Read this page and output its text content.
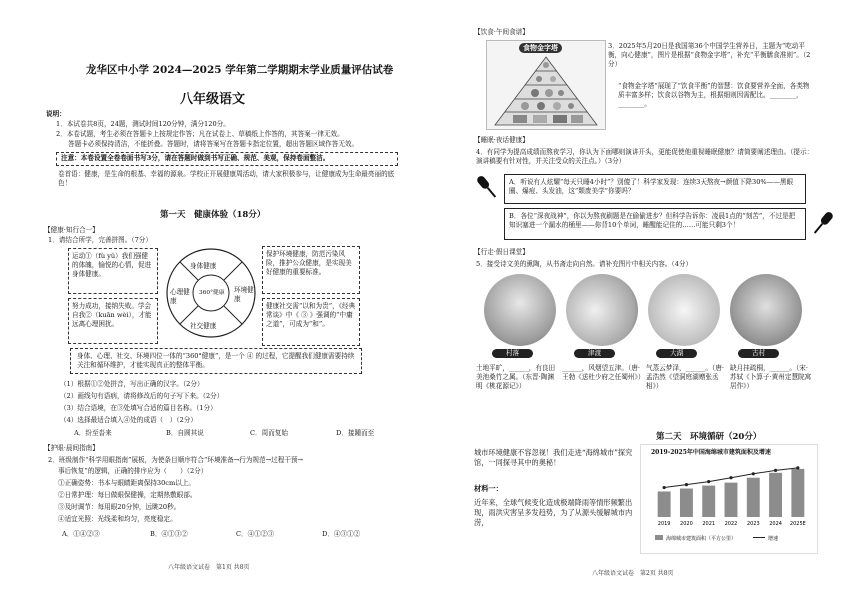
龙华区中小学 2024—2025 学年第二学期期末学业质量评估试卷
八年级语文
说明：
1．本试卷共8页，24题，测试时间120分钟，满分120分。
2．本卷试题，考生必须在答题卡上按规定作答；凡在试卷上、草稿纸上作答的，其答案一律无效。
答题卡必须保持清洁，不能折叠。答题时，请将答案写在答题卡指定位置，超出答题区域作答无效。
注意：本卷设置全卷卷面书写3分，请在答题时做到书写正确、规范、美观，保持卷面整洁。
卷首语：健康，是生命的根基、幸福的源泉。学校正开展健康周活动，请大家积极参与，让健康成为生命最亮丽的底色！
第一天　健康体验（18分）
【健康·知行合一】
1．请结合所学，完善拼图。（7分）
运动①（fù yǔ）我们强健的体魄，愉悦的心情，促进身体健康。
保护环境健康，防范污染风险，推护公众健康，是实现美好健康的重要标准。
努力成功，接纳失败。学会自我②（kuān wèi），才能远离心理困扰。
健康社交需“以和为贵”，《经典常谈》中《 ③ 》强调的“中庸之道”，可成为“和”。
身体健康
心理健康
环境健康
360°健康
社交健康
身体、心理、社交、环境四位一体的“360°健康”，是一个 ④ 的过程，它提醒我们健康需要持续关注和循环维护，才能实现真正的整体平衡。
（1）根据①②处拼音，写出正确的汉字。（2分）
（2）画线句有语病，请将修改后的句子写下来。（2分）
（3）结合语境，在③处填写合适的篇目名称。（1分）
（4）选择最适合填入④处的成语（　）（2分）
A．纷至沓来	B．自圆其说	C．周而复始	D．接踵而至
【护眼·晨间指南】
2．班级制作“科学用眼指南”展板，为使条目顺序符合“环境准备→行为规范→过程干预→
事后恢复”的逻辑，正确的排序应为（　　）（2分）
①正确姿势：书本与眼睛距离保持30cm以上。
②日常护理：每日做眼保健操，定期热敷眼部。
③及时调节：每用眼20分钟，远眺20秒。
④适宜光照：光线柔和均匀，亮度稳定。
A．①④②③	B．④①③②	C．④①②③	D．④③①②
八年级语文试卷　第1页 共8页
【饮食·午间食谱】
食物金字塔	3．2025年5月20日是我国第36个中国学生营养日，主题为“吃动平衡，向心健康”，图片是根据“食物金字塔”，补充“平衡膳食准则”。（2分）
“食物金字塔”展现了“饮食平衡”的智慧：饮食要营养全面，各类物质丰富多样；饮食以谷物为主，根据细则因需配比。________，________。
【睡眠·夜话健康】
4．有同学为提高成绩而熬夜学习，你认为下面哪则演讲开头，更能促使他重视睡眠健康？请简要阐述理由。（提示：演讲稿要有针对性，并关注受众的关注点。）（3分）
A．听说有人炫耀“每天只睡4小时”？别傻了！科学家发现：连续3天熬夜→颜值下降30%——黑眼圈、爆痘、头发油，这“颓废美学”你要吗？
B．各位“深夜战神”，你以为熬夜刷题是在偷偷进步？但科学告诉你：凌晨1点的“刻苦”，不过是把知识塞进一个漏水的桶里——你背10个单词，睡醒能记住的……可能只剩3个！
【行走·假日课堂】
5．接受诗文美的熏陶，从书斋走向自然。请补充图片中相关内容。（4分）
村落	津渡	大湖	古村
土地平旷，______，有良田美池桑竹之属。（东晋·陶渊明《桃花源记》）
______，风烟望五津。（唐·王勃《送杜少府之任蜀州》）
气蒸云梦泽，______。（唐·孟浩然《望洞庭湖赠张丞相》）
缺月挂疏桐，______。（宋·苏轼《卜算子·黄州定慧院寓居作》）
第二天　环境循研（20分）
城市环境健康不容忽视！我们走进“海绵城市”探究馆，一同探寻其中的奥秘！
材料一：
近年来，全球气候变化造成极端降雨等情形频繁出现，雨洪灾害呈多发趋势，为了从源头缓解城市内涝，
2019-2025年中国海绵城市建筑面积及增速
2019 2020 2021 2022 2023 2024 2025E
海绵城市建筑面积（平方公里）	增速
八年级语文试卷　第2页 共8页
